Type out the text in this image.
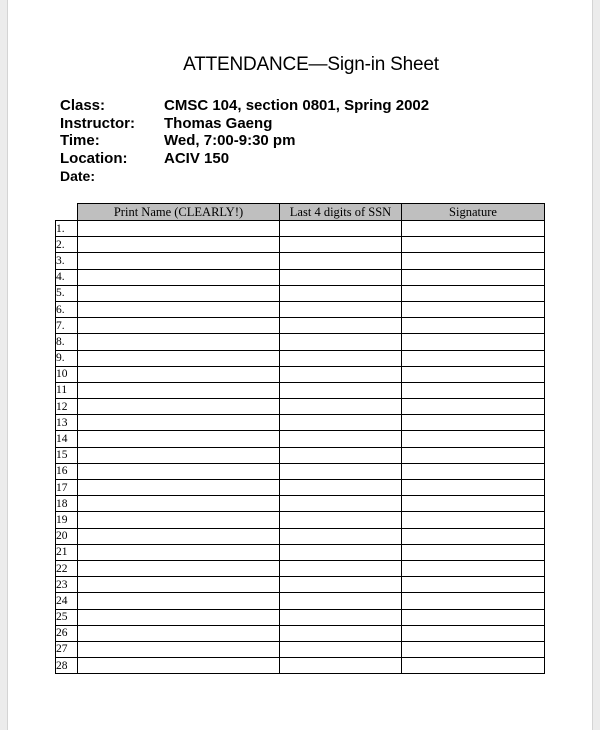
ATTENDANCE—Sign-in Sheet
Class:	CMSC 104, section 0801, Spring 2002
Instructor:	Thomas Gaeng
Time:	Wed, 7:00-9:30 pm
Location:	ACIV 150
Date:
	Print Name (CLEARLY!)	Last 4 digits of SSN	Signature
1.			
2.			
3.			
4.			
5.			
6.			
7.			
8.			
9.			
10			
11			
12			
13			
14			
15			
16			
17			
18			
19			
20			
21			
22			
23			
24			
25			
26			
27			
28			
